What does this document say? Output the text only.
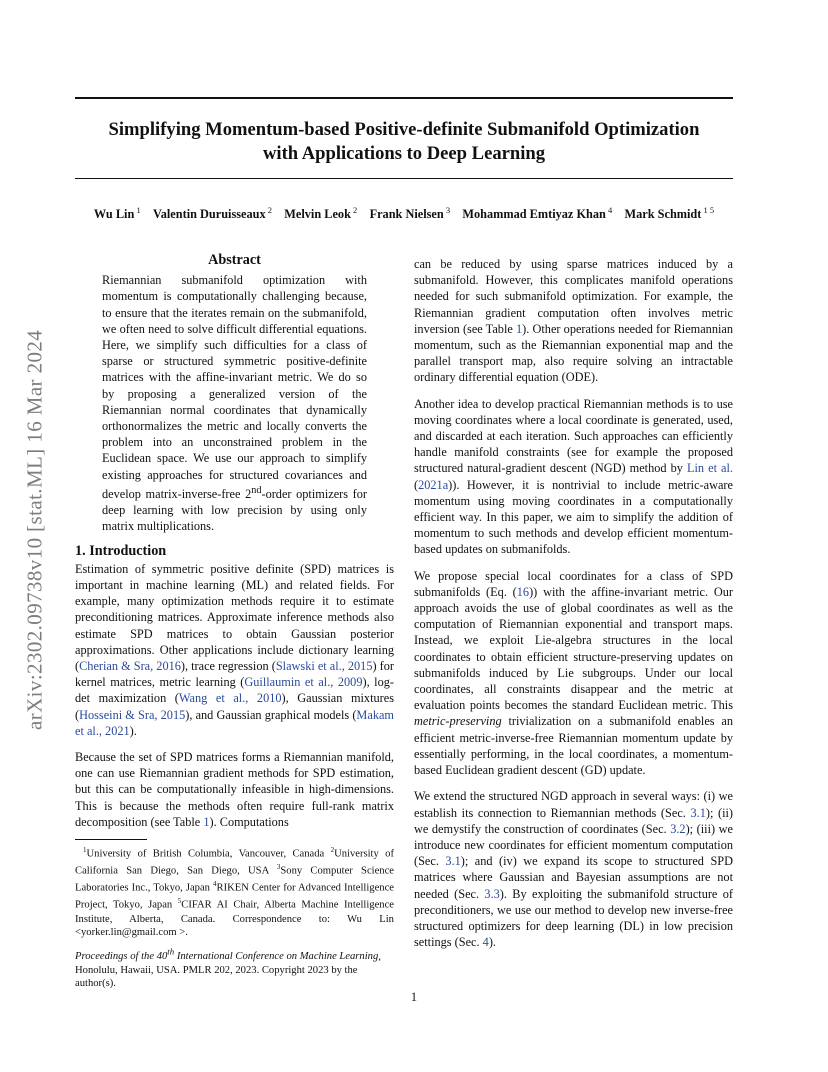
Simplifying Momentum-based Positive-definite Submanifold Optimization
with Applications to Deep Learning
Wu Lin $^1$  Valentin Duruisseaux $^2$  Melvin Leok $^2$  Frank Nielsen $^3$  Mohammad Emtiyaz Khan $^4$  Mark Schmidt $^{1 5}$
arXiv:2302.09738v10 [stat.ML] 16 Mar 2024
Abstract

Riemannian submanifold optimization with momentum is computationally challenging because, to ensure that the iterates remain on the submanifold, we often need to solve difficult differential equations. Here, we simplify such difficulties for a class of sparse or structured symmetric positive-definite matrices with the affine-invariant metric. We do so by proposing a generalized version of the Riemannian normal coordinates that dynamically orthonormalizes the metric and locally converts the problem into an unconstrained problem in the Euclidean space. We use our approach to simplify existing approaches for structured covariances and develop matrix-inverse-free 2nd-order optimizers for deep learning with low precision by using only matrix multiplications.

1. Introduction

Estimation of symmetric positive definite (SPD) matrices is important in machine learning (ML) and related fields. For example, many optimization methods require it to estimate preconditioning matrices. Approximate inference methods also estimate SPD matrices to obtain Gaussian posterior approximations. Other applications include dictionary learning (Cherian & Sra, 2016), trace regression (Slawski et al., 2015) for kernel matrices, metric learning (Guillaumin et al., 2009), log-det maximization (Wang et al., 2010), Gaussian mixtures (Hosseini & Sra, 2015), and Gaussian graphical models (Makam et al., 2021).

Because the set of SPD matrices forms a Riemannian manifold, one can use Riemannian gradient methods for SPD estimation, but this can be computationally infeasible in high-dimensions. This is because the methods often require full-rank matrix decomposition (see Table 1). Computations

$^1$University of British Columbia, Vancouver, Canada $^2$University of California San Diego, San Diego, USA $^3$Sony Computer Science Laboratories Inc., Tokyo, Japan $^4$RIKEN Center for Advanced Intelligence Project, Tokyo, Japan $^5$CIFAR AI Chair, Alberta Machine Intelligence Institute, Alberta, Canada. Correspondence to: Wu Lin <yorker.lin@gmail.com >.

Proceedings of the 40th International Conference on Machine Learning, Honolulu, Hawaii, USA. PMLR 202, 2023. Copyright 2023 by the author(s).

can be reduced by using sparse matrices induced by a submanifold. However, this complicates manifold operations needed for such submanifold optimization. For example, the Riemannian gradient computation often involves metric inversion (see Table 1). Other operations needed for Riemannian momentum, such as the Riemannian exponential map and the parallel transport map, also require solving an intractable ordinary differential equation (ODE).

Another idea to develop practical Riemannian methods is to use moving coordinates where a local coordinate is generated, used, and discarded at each iteration. Such approaches can efficiently handle manifold constraints (see for example the proposed structured natural-gradient descent (NGD) method by Lin et al. (2021a)). However, it is nontrivial to include metric-aware momentum using moving coordinates in a computationally efficient way. In this paper, we aim to simplify the addition of momentum to such methods and develop efficient momentum-based updates on submanifolds.

We propose special local coordinates for a class of SPD submanifolds (Eq. (16)) with the affine-invariant metric. Our approach avoids the use of global coordinates as well as the computation of Riemannian exponential and transport maps. Instead, we exploit Lie-algebra structures in the local coordinates to obtain efficient structure-preserving updates on submanifolds induced by Lie subgroups. Under our local coordinates, all constraints disappear and the metric at evaluation points becomes the standard Euclidean metric. This metric-preserving trivialization on a submanifold enables an efficient metric-inverse-free Riemannian momentum update by essentially performing, in the local coordinates, a momentum-based Euclidean gradient descent (GD) update.

We extend the structured NGD approach in several ways: (i) we establish its connection to Riemannian methods (Sec. 3.1); (ii) we demystify the construction of coordinates (Sec. 3.2); (iii) we introduce new coordinates for efficient momentum computation (Sec. 3.1); and (iv) we expand its scope to structured SPD matrices where Gaussian and Bayesian assumptions are not needed (Sec. 3.3). By exploiting the submanifold structure of preconditioners, we use our method to develop new inverse-free structured optimizers for deep learning (DL) in low precision settings (Sec. 4).

1
